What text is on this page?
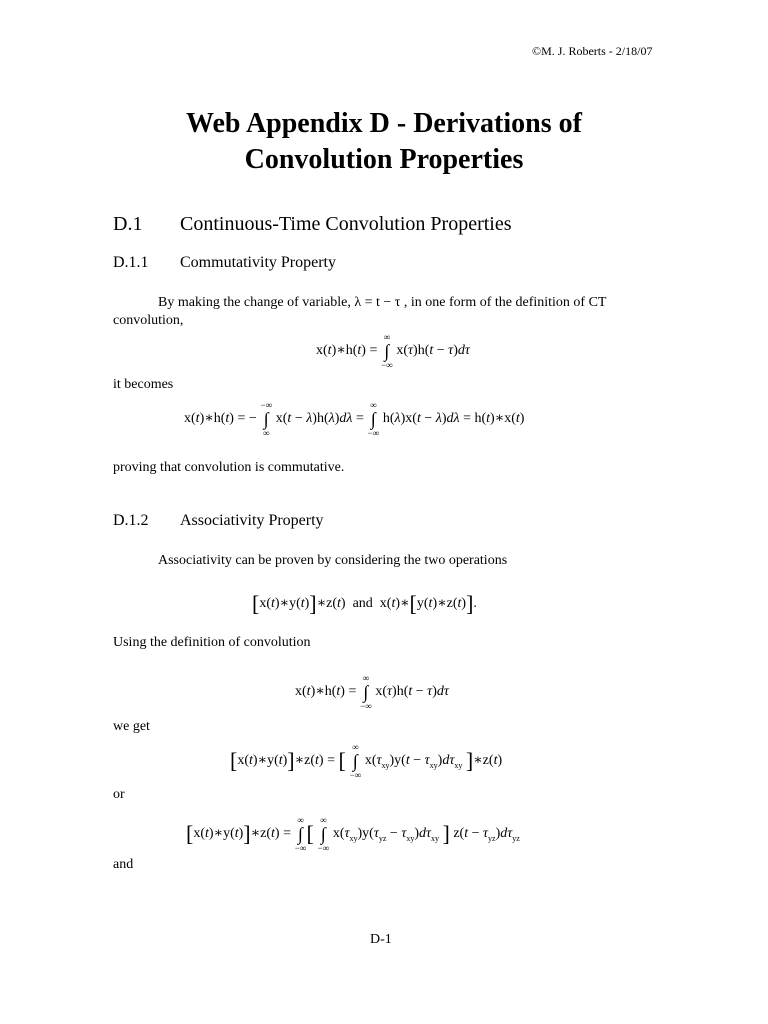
©M. J. Roberts - 2/18/07
Web Appendix D - Derivations of
Convolution Properties
D.1 Continuous-Time Convolution Properties
D.1.1 Commutativity Property
By making the change of variable, λ = t − τ , in one form of the definition of CT
convolution,
x(t)∗h(t) =
∞
∫
−∞
x(τ)h(t − τ)dτ
it becomes
x(t)∗h(t) = −
−∞
∫
∞
x(t − λ)h(λ)dλ =
∞
∫
−∞
h(λ)x(t − λ)dλ = h(t)∗x(t)
proving that convolution is commutative.
D.1.2 Associativity Property
Associativity can be proven by considering the two operations
[x(t)∗y(t)]∗z(t)  and  x(t)∗[y(t)∗z(t)].
Using the definition of convolution
x(t)∗h(t) =
∞
∫
−∞
x(τ)h(t − τ)dτ
we get
[x(t)∗y(t)]∗z(t) = [
∞
∫
−∞
$x(\tau_{xy})y(t - \tau_{xy})d\tau_{xy}$ ]∗z(t)
or
[x(t)∗y(t)]∗z(t) =
∞
∫
−∞
[
∞
∫
−∞
$x(\tau_{xy})y(\tau_{yz} - \tau_{xy})d\tau_{xy}$ ] $z(t - \tau_{yz})d\tau_{yz}$
and
D-1
